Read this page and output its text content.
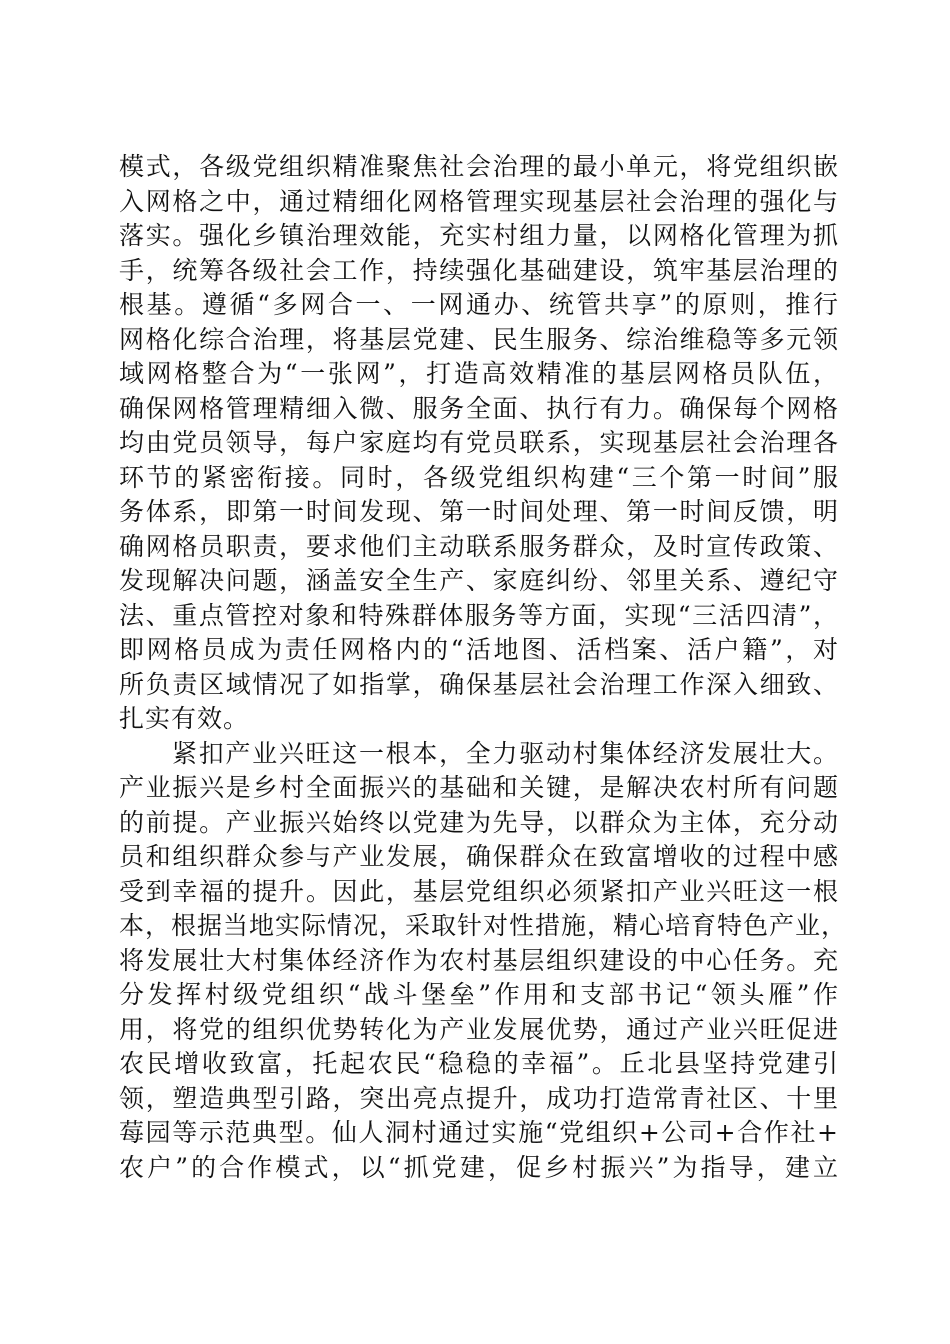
模式，各级党组织精准聚焦社会治理的最小单元，将党组织嵌
入网格之中，通过精细化网格管理实现基层社会治理的强化与
落实。强化乡镇治理效能，充实村组力量，以网格化管理为抓
手，统筹各级社会工作，持续强化基础建设，筑牢基层治理的
根基。遵循“多网合一、一网通办、统管共享”的原则，推行
网格化综合治理，将基层党建、民生服务、综治维稳等多元领
域网格整合为“一张网”，打造高效精准的基层网格员队伍，
确保网格管理精细入微、服务全面、执行有力。确保每个网格
均由党员领导，每户家庭均有党员联系，实现基层社会治理各
环节的紧密衔接。同时，各级党组织构建“三个第一时间”服
务体系，即第一时间发现、第一时间处理、第一时间反馈，明
确网格员职责，要求他们主动联系服务群众，及时宣传政策、
发现解决问题，涵盖安全生产、家庭纠纷、邻里关系、遵纪守
法、重点管控对象和特殊群体服务等方面，实现“三活四清”，
即网格员成为责任网格内的“活地图、活档案、活户籍”，对
所负责区域情况了如指掌，确保基层社会治理工作深入细致、
扎实有效。
紧扣产业兴旺这一根本，全力驱动村集体经济发展壮大。
产业振兴是乡村全面振兴的基础和关键，是解决农村所有问题
的前提。产业振兴始终以党建为先导，以群众为主体，充分动
员和组织群众参与产业发展，确保群众在致富增收的过程中感
受到幸福的提升。因此，基层党组织必须紧扣产业兴旺这一根
本，根据当地实际情况，采取针对性措施，精心培育特色产业，
将发展壮大村集体经济作为农村基层组织建设的中心任务。充
分发挥村级党组织“战斗堡垒”作用和支部书记“领头雁”作
用，将党的组织优势转化为产业发展优势，通过产业兴旺促进
农民增收致富，托起农民“稳稳的幸福”。丘北县坚持党建引
领，塑造典型引路，突出亮点提升，成功打造常青社区、十里
莓园等示范典型。仙人洞村通过实施“党组织+公司+合作社+
农户”的合作模式，以“抓党建，促乡村振兴”为指导，建立
